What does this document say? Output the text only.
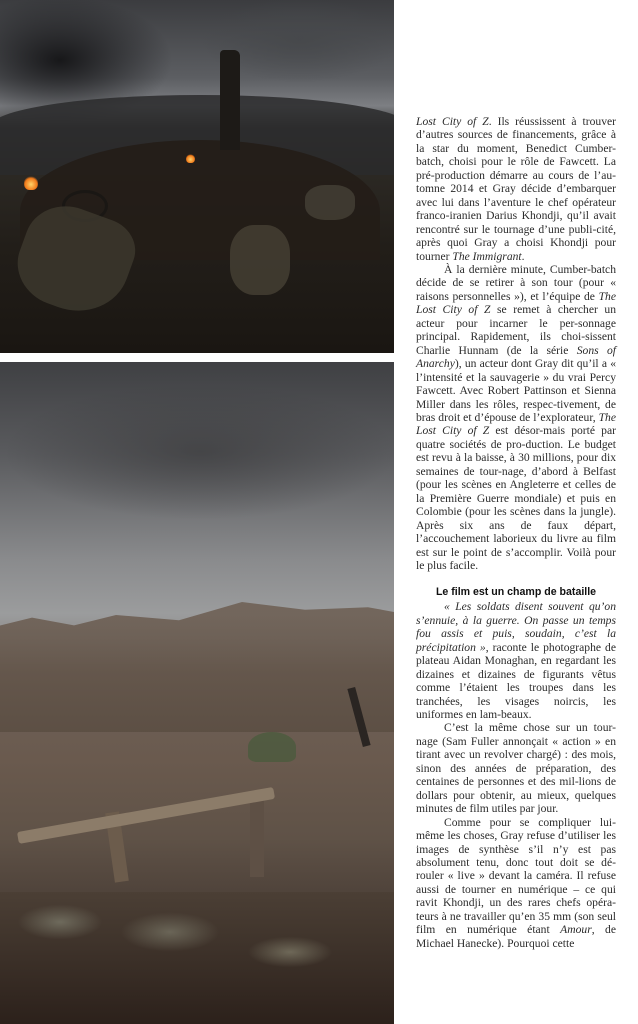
Lost City of Z. Ils réussissent à trouver d’autres sources de financements, grâce à la star du moment, Benedict Cumber-batch, choisi pour le rôle de Fawcett. La pré-production démarre au cours de l’au-tomne 2014 et Gray décide d’embarquer avec lui dans l’aventure le chef opérateur franco-iranien Darius Khondji, qu’il avait rencontré sur le tournage d’une publi-cité, après quoi Gray a choisi Khondji pour tourner The Immigrant.

À la dernière minute, Cumber-batch décide de se retirer à son tour (pour « raisons personnelles »), et l’équipe de The Lost City of Z se remet à chercher un acteur pour incarner le per-sonnage principal. Rapidement, ils choi-sissent Charlie Hunnam (de la série Sons of Anarchy), un acteur dont Gray dit qu’il a « l’intensité et la sauvagerie » du vrai Percy Fawcett. Avec Robert Pattinson et Sienna Miller dans les rôles, respec-tivement, de bras droit et d’épouse de l’explorateur, The Lost City of Z est désor-mais porté par quatre sociétés de pro-duction. Le budget est revu à la baisse, à 30 millions, pour dix semaines de tour-nage, d’abord à Belfast (pour les scènes en Angleterre et celles de la Première Guerre mondiale) et puis en Colombie (pour les scènes dans la jungle). Après six ans de faux départ, l’accouchement laborieux du livre au film est sur le point de s’accomplir. Voilà pour le plus facile.

Le film est un champ de bataille

« Les soldats disent souvent qu’on s’ennuie, à la guerre. On passe un temps fou assis et puis, soudain, c’est la précipitation », raconte le photographe de plateau Aidan Monaghan, en regardant les dizaines et dizaines de figurants vêtus comme l’étaient les troupes dans les tranchées, les visages noircis, les uniformes en lam-beaux.

C’est la même chose sur un tour-nage (Sam Fuller annonçait « action » en tirant avec un revolver chargé) : des mois, sinon des années de préparation, des centaines de personnes et des mil-lions de dollars pour obtenir, au mieux, quelques minutes de film utiles par jour.

Comme pour se compliquer lui-même les choses, Gray refuse d’utiliser les images de synthèse s’il n’y est pas absolument tenu, donc tout doit se dé-rouler « live » devant la caméra. Il refuse aussi de tourner en numérique – ce qui ravit Khondji, un des rares chefs opéra-teurs à ne travailler qu’en 35 mm (son seul film en numérique étant Amour, de Michael Hanecke). Pourquoi cette
